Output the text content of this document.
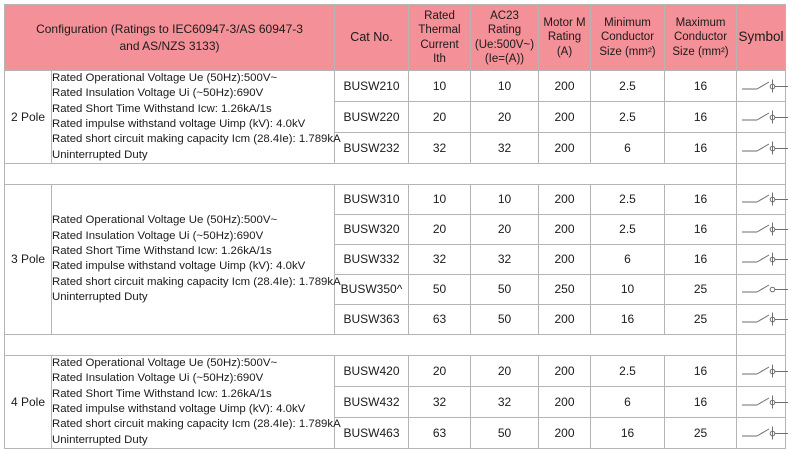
Configuration (Ratings to IEC60947-3/AS 60947-3
and AS/NZS 3133)		Cat No.	Rated
Thermal
Current
Ith	AC23
Rating
(Ue:500V~)
(Ie=(A))	Motor M
Rating
(A)	Minimum
Conductor
Size (mm²)	Maximum
Conductor
Size (mm²)	Symbol

2 Pole	
Rated Operational Voltage Ue (50Hz):500V~
Rated Insulation Voltage Ui (~50Hz):690V
Rated Short Time Withstand Icw: 1.26kA/1s
Rated impulse withstand voltage Uimp (kV): 4.0kV
Rated short circuit making capacity Icm (28.4Ie): 1.789kA
Uninterrupted Duty
	BUSW210	10	10	200	2.5	16	
		BUSW220	20	20	200	2.5	16	
		BUSW232	32	32	200	6	16	

3 Pole	
Rated Operational Voltage Ue (50Hz):500V~
Rated Insulation Voltage Ui (~50Hz):690V
Rated Short Time Withstand Icw: 1.26kA/1s
Rated impulse withstand voltage Uimp (kV): 4.0kV
Rated short circuit making capacity Icm (28.4Ie): 1.789kA
Uninterrupted Duty
	BUSW310	10	10	200	2.5	16	
		BUSW320	20	20	200	2.5	16	
		BUSW332	32	32	200	6	16	
		BUSW350^	50	50	250	10	25	
		BUSW363	63	50	200	16	25	

4 Pole	
Rated Operational Voltage Ue (50Hz):500V~
Rated Insulation Voltage Ui (~50Hz):690V
Rated Short Time Withstand Icw: 1.26kA/1s
Rated impulse withstand voltage Uimp (kV): 4.0kV
Rated short circuit making capacity Icm (28.4Ie): 1.789kA
Uninterrupted Duty
	BUSW420	20	20	200	2.5	16	
		BUSW432	32	32	200	6	16	
		BUSW463	63	50	200	16	25	
